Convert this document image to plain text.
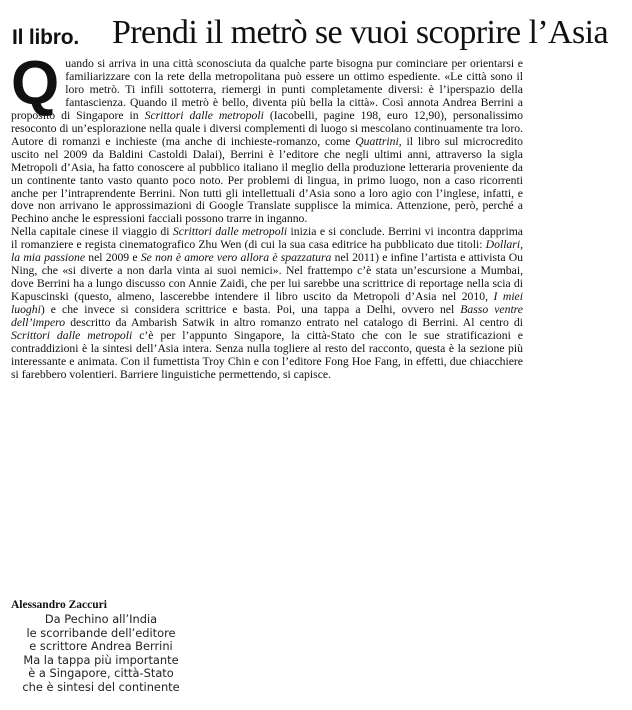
Il libro. Prendi il metrò se vuoi scoprire l’Asia

Quando si arriva in una città sconosciuta da qualche parte bisogna pur cominciare per orientarsi e familiarizzare con la rete della metropolitana può essere un ottimo espediente. «Le città sono il loro metrò. Ti infili sottoterra, riemergi in punti completamente diversi: è l’iperspazio della fantascienza. Quando il metrò è bello, diventa più bella la città». Così annota Andrea Berrini a proposito di Singapore in Scrittori dalle metropoli (Iacobelli, pagine 198, euro 12,90), personalissimo resoconto di un’esplorazione nella quale i diversi complementi di luogo si mescolano continuamente tra loro. Autore di romanzi e inchieste (ma anche di inchieste-romanzo, come Quattrini, il libro sul microcredito uscito nel 2009 da Baldini Castoldi Dalai), Berrini è l’editore che negli ultimi anni, attraverso la sigla Metropoli d’Asia, ha fatto conoscere al pubblico italiano il meglio della produzione letteraria proveniente da un continente tanto vasto quanto poco noto. Per problemi di lingua, in primo luogo, non a caso ricorrenti anche per l’intraprendente Berrini. Non tutti gli intellettuali d’Asia sono a loro agio con l’inglese, infatti, e dove non arrivano le approssimazioni di Google Translate supplisce la mimica. Attenzione, però, perché a Pechino anche le espressioni facciali possono trarre in inganno.

Nella capitale cinese il viaggio di Scrittori dalle metropoli inizia e si conclude. Berrini vi incontra dapprima il romanziere e regista cinematografico Zhu Wen (di cui la sua casa editrice ha pubblicato due titoli: Dollari, la mia passione nel 2009 e Se non è amore vero allora è spazzatura nel 2011) e infine l’artista e attivista Ou Ning, che «si diverte a non darla vinta ai suoi nemici». Nel frattempo c’è stata un’escursione a Mumbai, dove Berrini ha a lungo discusso con Annie Zaidi, che per lui sarebbe una scrittrice di reportage nella scia di Kapuscinski (questo, almeno, lascerebbe intendere il libro uscito da Metropoli d’Asia nel 2010, I miei luoghi) e che invece si considera scrittrice e basta. Poi, una tappa a Delhi, ovvero nel Basso ventre dell’impero descritto da Ambarish Satwik in altro romanzo entrato nel catalogo di Berrini. Al centro di Scrittori dalle metropoli c’è per l’appunto Singapore, la città-Stato che con le sue stratificazioni e contraddizioni è la sintesi dell’Asia intera. Senza nulla togliere al resto del racconto, questa è la sezione più interessante e animata. Con il fumettista Troy Chin e con l’editore Fong Hoe Fang, in effetti, due chiacchiere si farebbero volentieri. Barriere linguistiche permettendo, si capisce.

Alessandro Zaccuri
Da Pechino all’India
le scorribande dell’editore
e scrittore Andrea Berrini
Ma la tappa più importante
è a Singapore, città-Stato
che è sintesi del continente
